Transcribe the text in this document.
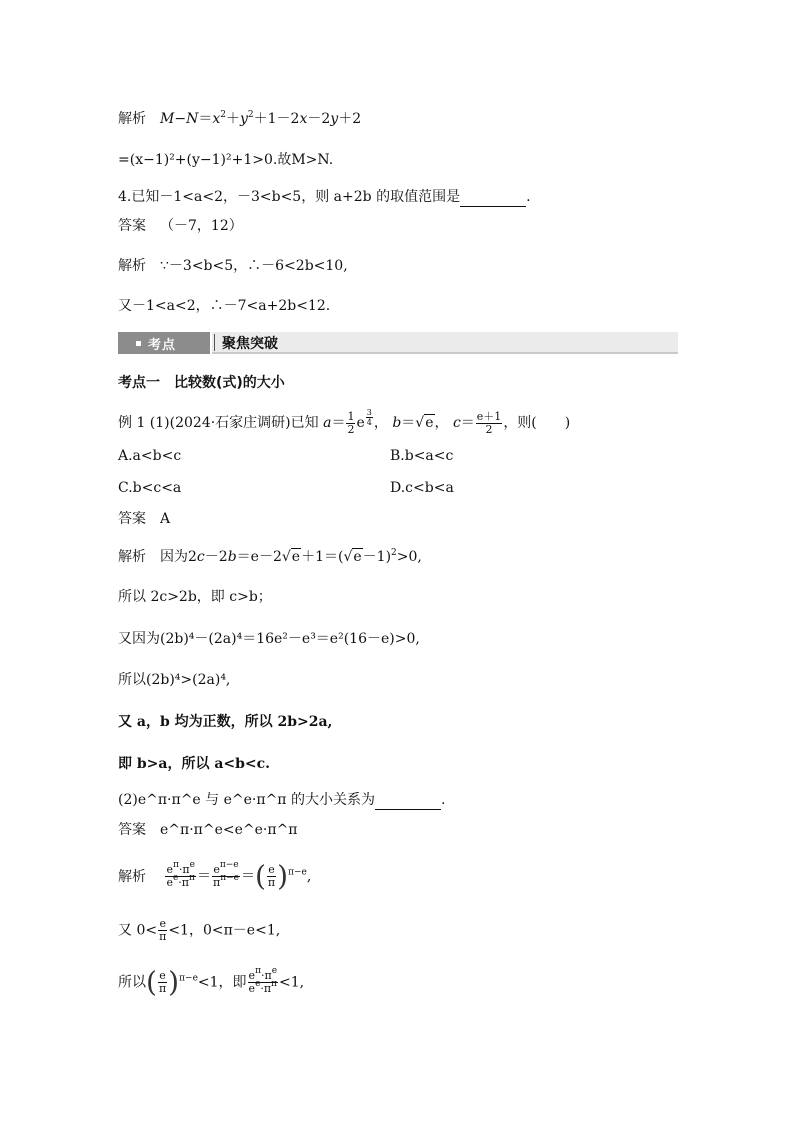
解析 $M-N=x^2+y^2+1-2x-2y+2$
=(x−1)²+(y−1)²+1>0.故M>N.
4.已知－1<a<2，－3<b<5，则 a+2b 的取值范围是	.
答案 （－7，12）
解析 ∵－3<b<5，∴－6<2b<10,
又－1<a<2，∴－7<a+2b<12.
考点	聚焦突破
考点一　比较数(式)的大小
例 1 (1)(2024·石家庄调研)已知 $a= \frac{1}{2}$ e $\frac{3}{4}$ ， b＝√e， $c= \frac{e+1}{2}$ ，则(　　)
A.a<b<c	B.b<a<c
C.b<c<a	D.c<b<a
答案 A
解析 因为$2c-2b=e-2√e+1=(√e-1)^2>0$,
所以 2c>2b，即 c>b；
又因为(2b)⁴－(2a)⁴＝16e²－e³＝e²(16－e)>0,
所以(2b)⁴>(2a)⁴,
又 a，b 均为正数，所以 2b>2a,
即 b>a，所以 a<b<c.
(2)e^π·π^e 与 e^e·π^π 的大小关系为	.
答案 e^π·π^e<e^e·π^π
解析 $\frac{e^\pi\cdot\pi^e}{e^e\cdot\pi^\pi} = \frac{e^{\pi-e}}{\pi^{\pi-e}}$ ＝( $\frac{e}{\pi} )^{\pi-e}$,
又 $0< \frac{e}{\pi} <1$，0<π－e<1,
所以( $\frac{e}{\pi} )^{\pi-e}<1$，即 $\frac{e^\pi\cdot\pi^e}{e^e\cdot\pi^\pi} <1$,
